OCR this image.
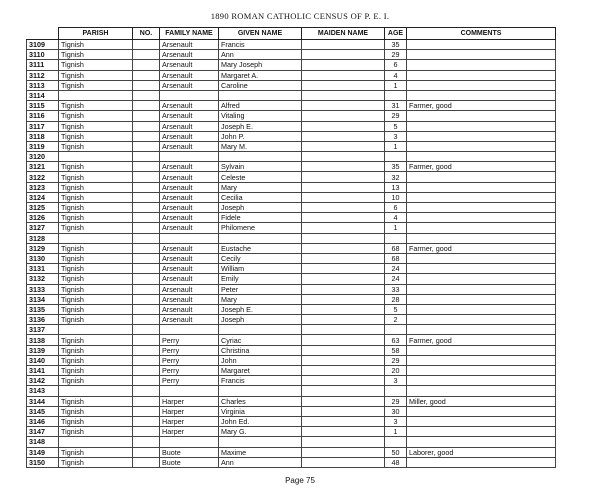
1890 ROMAN CATHOLIC CENSUS OF P. E. I.
	PARISH	NO.	FAMILY NAME	GIVEN NAME	MAIDEN NAME	AGE	COMMENTS
3109	Tignish		Arsenault	Francis		35	
3110	Tignish		Arsenault	Ann		29	
3111	Tignish		Arsenault	Mary Joseph		6	
3112	Tignish		Arsenault	Margaret A.		4	
3113	Tignish		Arsenault	Caroline		1	
3114							
3115	Tignish		Arsenault	Alfred		31	Farmer, good
3116	Tignish		Arsenault	Vitaling		29	
3117	Tignish		Arsenault	Joseph E.		5	
3118	Tignish		Arsenault	John P.		3	
3119	Tignish		Arsenault	Mary M.		1	
3120							
3121	Tignish		Arsenault	Sylvain		35	Farmer, good
3122	Tignish		Arsenault	Celeste		32	
3123	Tignish		Arsenault	Mary		13	
3124	Tignish		Arsenault	Cecilia		10	
3125	Tignish		Arsenault	Joseph		6	
3126	Tignish		Arsenault	Fidele		4	
3127	Tignish		Arsenault	Philomene		1	
3128							
3129	Tignish		Arsenault	Eustache		68	Farmer, good
3130	Tignish		Arsenault	Cecily		68	
3131	Tignish		Arsenault	William		24	
3132	Tignish		Arsenault	Emily		24	
3133	Tignish		Arsenault	Peter		33	
3134	Tignish		Arsenault	Mary		28	
3135	Tignish		Arsenault	Joseph E.		5	
3136	Tignish		Arsenault	Joseph		2	
3137							
3138	Tignish		Perry	Cyriac		63	Farmer, good
3139	Tignish		Perry	Christina		58	
3140	Tignish		Perry	John		29	
3141	Tignish		Perry	Margaret		20	
3142	Tignish		Perry	Francis		3	
3143							
3144	Tignish		Harper	Charles		29	Miller, good
3145	Tignish		Harper	Virginia		30	
3146	Tignish		Harper	John Ed.		3	
3147	Tignish		Harper	Mary G.		1	
3148							
3149	Tignish		Buote	Maxime		50	Laborer, good
3150	Tignish		Buote	Ann		48	
Page 75
